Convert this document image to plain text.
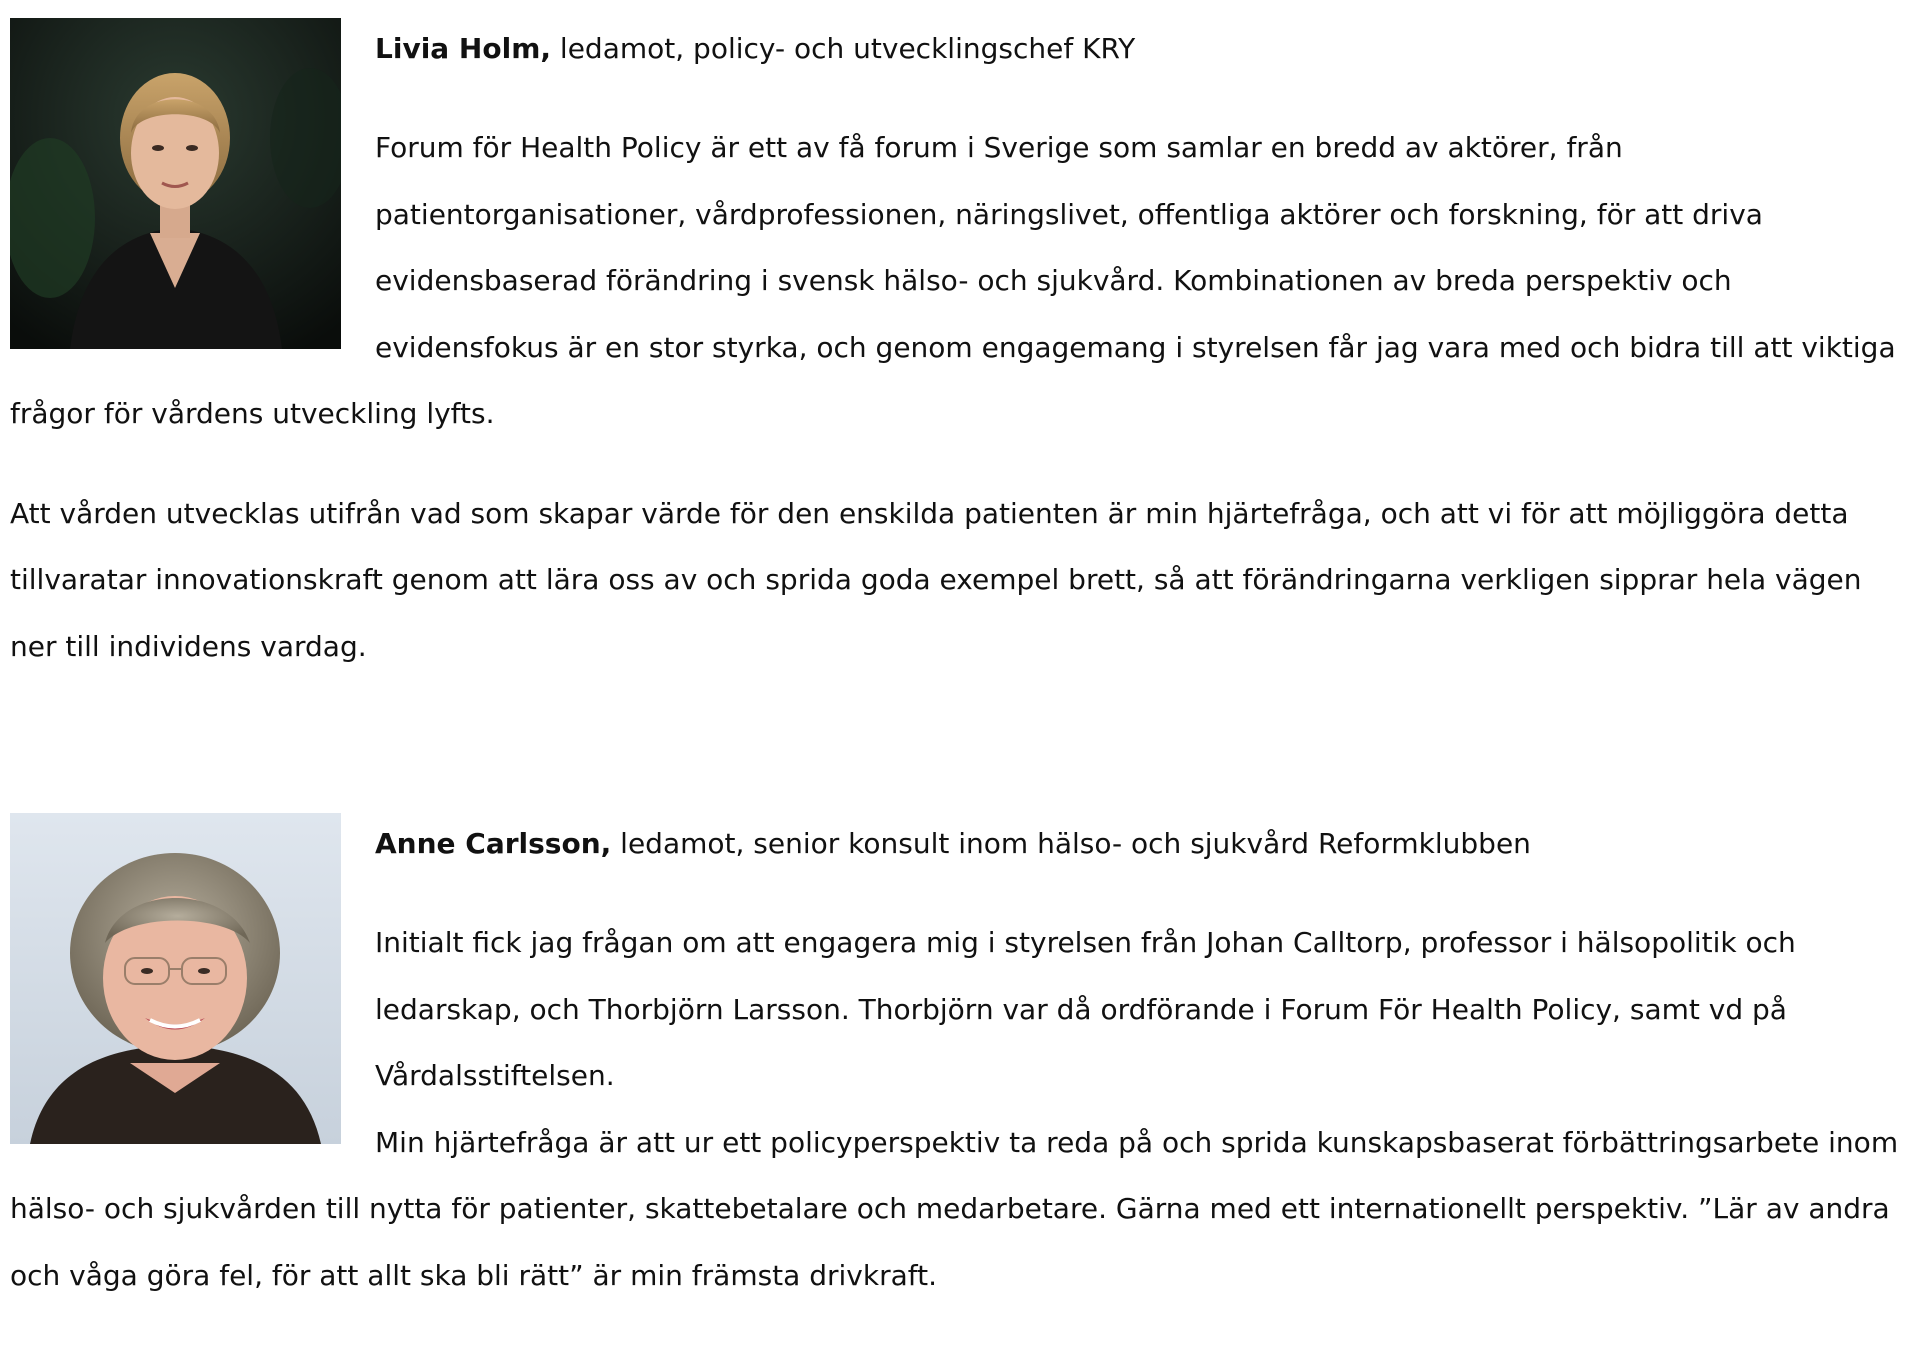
Livia Holm, ledamot, policy- och utvecklingschef KRY

Forum för Health Policy är ett av få forum i Sverige som samlar en bredd av aktörer, från patientorganisationer, vårdprofessionen, näringslivet, offentliga aktörer och forskning, för att driva evidensbaserad förändring i svensk hälso- och sjukvård. Kombinationen av breda perspektiv och evidensfokus är en stor styrka, och genom engagemang i styrelsen får jag vara med och bidra till att viktiga frågor för vårdens utveckling lyfts.

Att vården utvecklas utifrån vad som skapar värde för den enskilda patienten är min hjärtefråga, och att vi för att möjliggöra detta tillvaratar innovationskraft genom att lära oss av och sprida goda exempel brett, så att förändringarna verkligen sipprar hela vägen ner till individens vardag.

Anne Carlsson, ledamot, senior konsult inom hälso- och sjukvård Reformklubben

Initialt fick jag frågan om att engagera mig i styrelsen från Johan Calltorp, professor i hälsopolitik och ledarskap, och Thorbjörn Larsson. Thorbjörn var då ordförande i Forum För Health Policy, samt vd på Vårdalsstiftelsen.

Min hjärtefråga är att ur ett policyperspektiv ta reda på och sprida kunskapsbaserat förbättringsarbete inom hälso- och sjukvården till nytta för patienter, skattebetalare och medarbetare. Gärna med ett internationellt perspektiv. ”Lär av andra och våga göra fel, för att allt ska bli rätt” är min främsta drivkraft.
